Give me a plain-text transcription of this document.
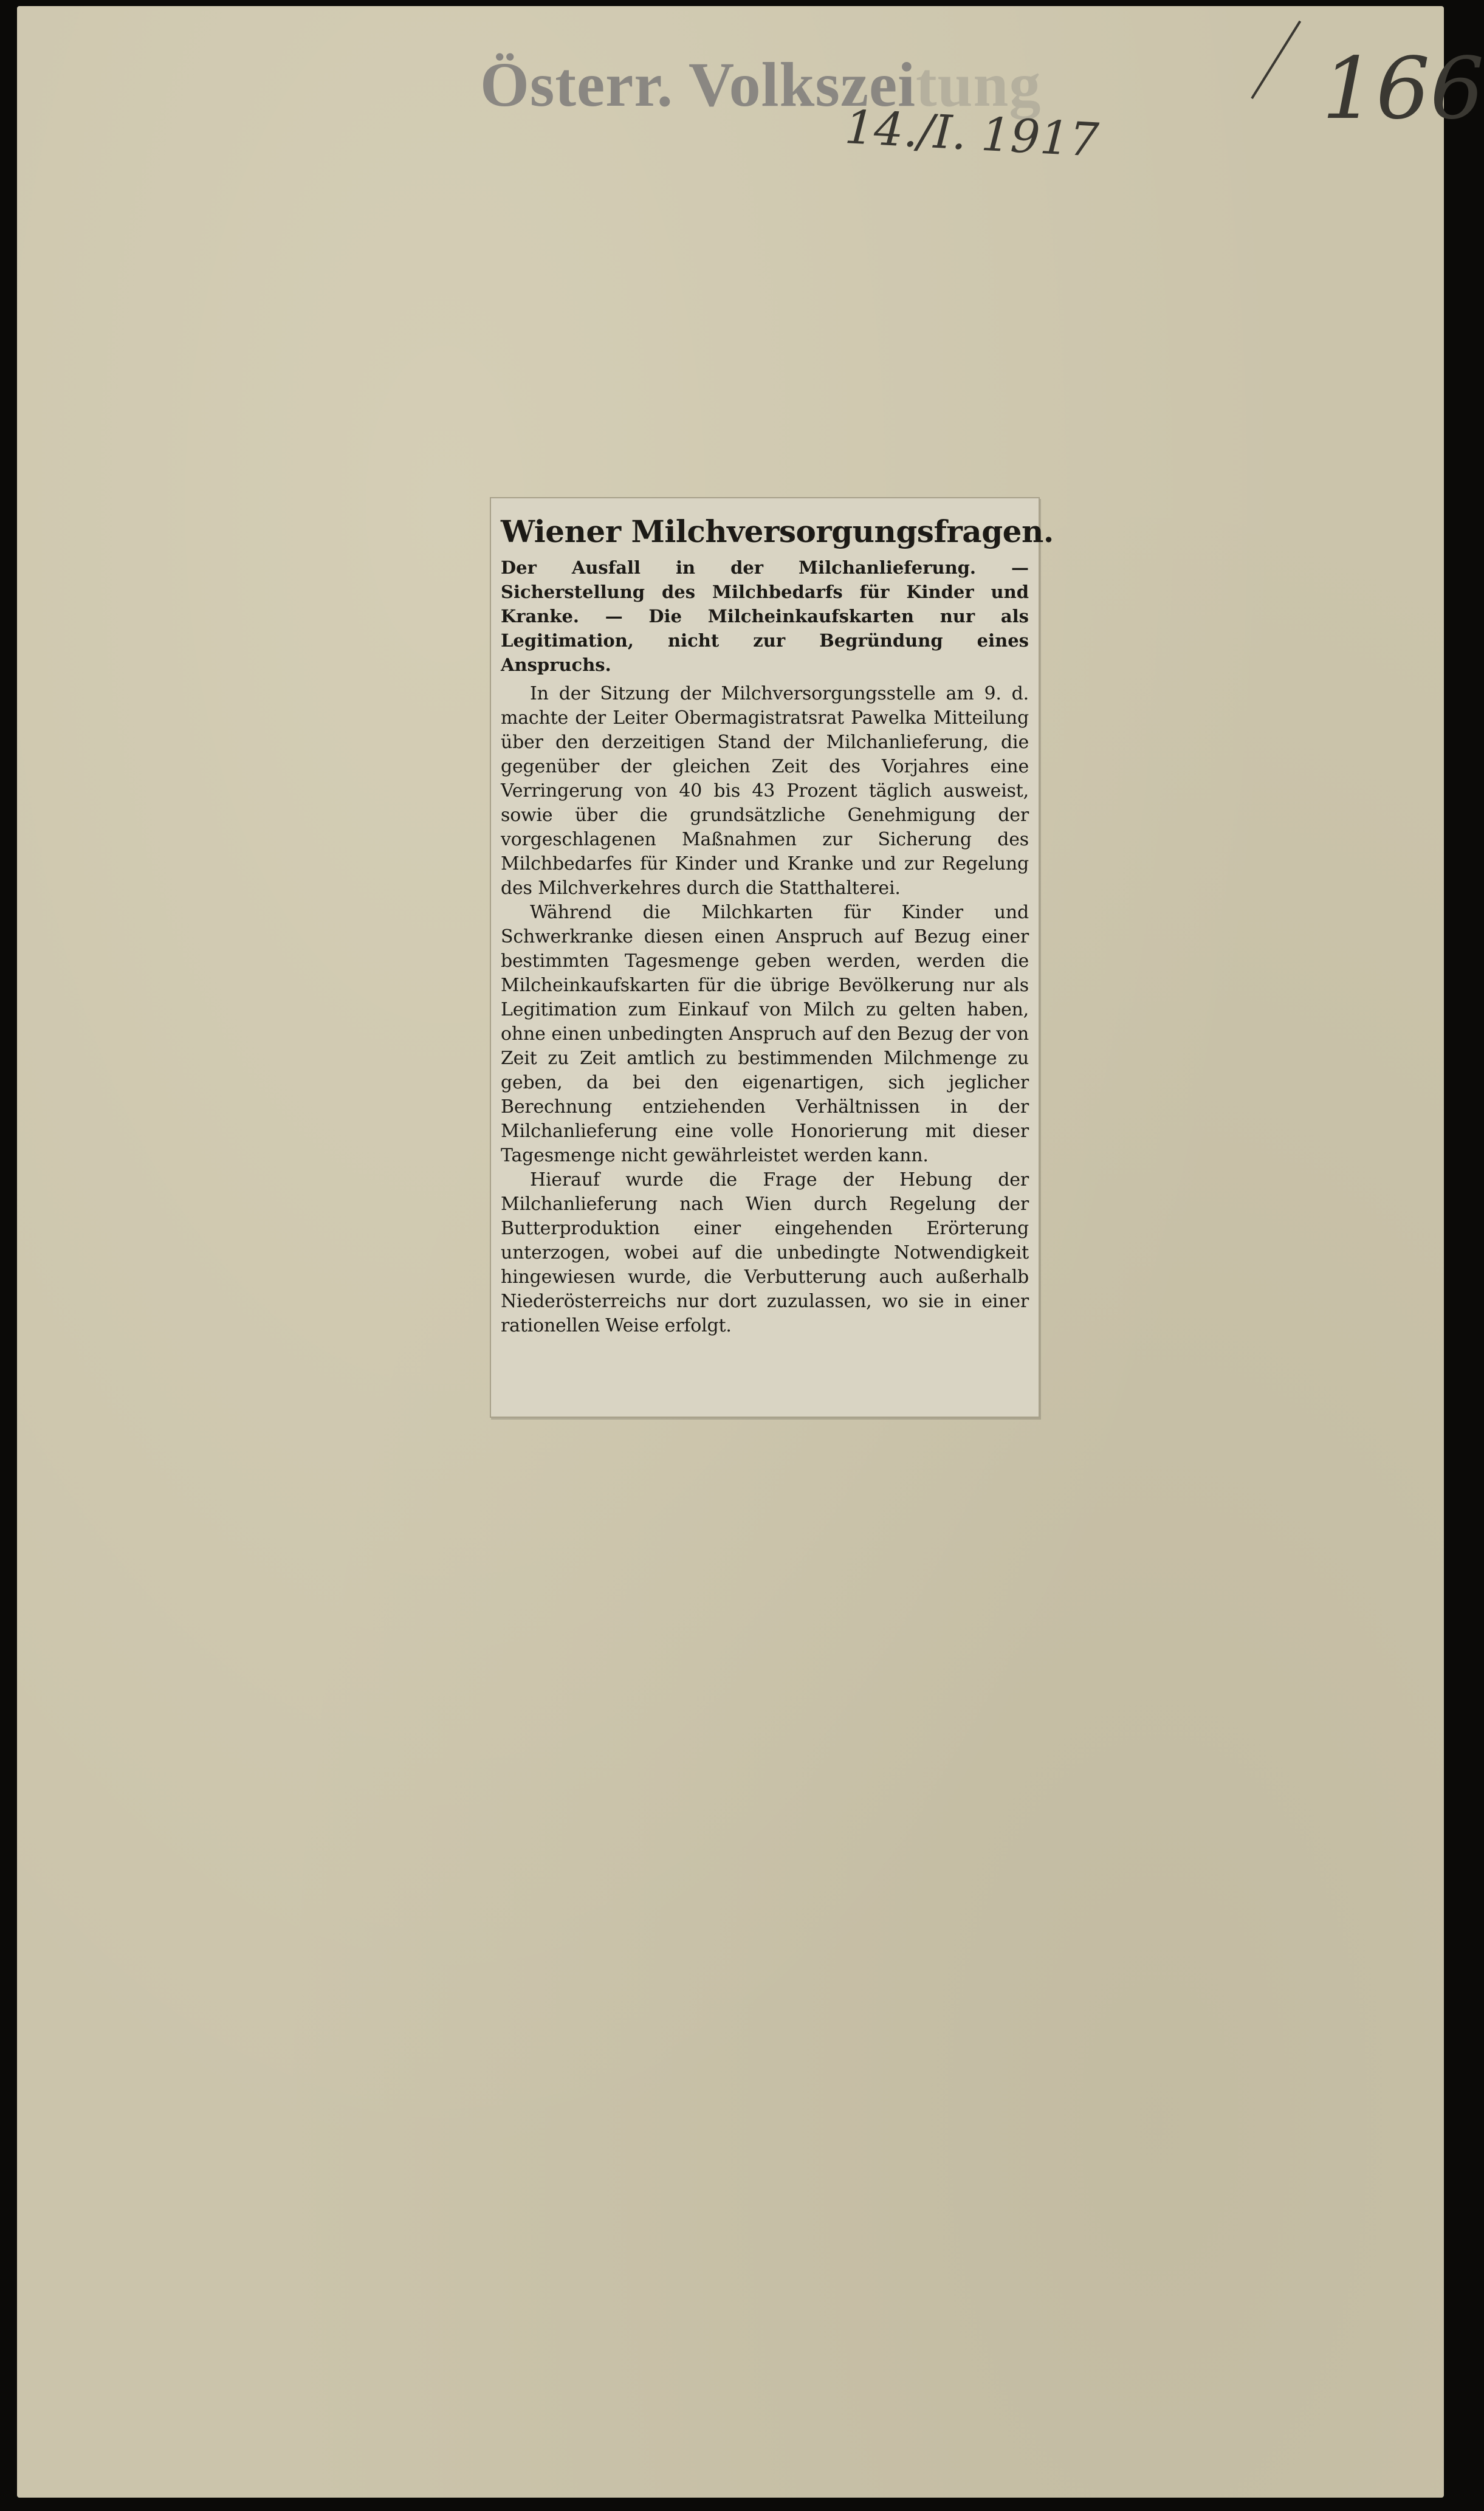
Österr. Volkszeitung
14./I. 1917	166
Wiener Milchversorgungsfragen.
Der Ausfall in der Milchanlieferung. — Sicherstellung des Milchbedarfs für Kinder und Kranke. — Die Milcheinkaufskarten nur als Legitimation, nicht zur Begründung eines Anspruchs.

In der Sitzung der Milchversorgungsstelle am 9. d. machte der Leiter Obermagistratsrat Pawelka Mitteilung über den derzeitigen Stand der Milchanlieferung, die gegenüber der gleichen Zeit des Vorjahres eine Verringerung von 40 bis 43 Prozent täglich ausweist, sowie über die grundsätzliche Genehmigung der vorgeschlagenen Maßnahmen zur Sicherung des Milchbedarfes für Kinder und Kranke und zur Regelung des Milchverkehres durch die Statthalterei.

Während die Milchkarten für Kinder und Schwerkranke diesen einen Anspruch auf Bezug einer bestimmten Tagesmenge geben werden, werden die Milcheinkaufskarten für die übrige Bevölkerung nur als Legitimation zum Einkauf von Milch zu gelten haben, ohne einen unbedingten Anspruch auf den Bezug der von Zeit zu Zeit amtlich zu bestimmenden Milchmenge zu geben, da bei den eigenartigen, sich jeglicher Berechnung entziehenden Verhältnissen in der Milchanlieferung eine volle Honorierung mit dieser Tagesmenge nicht gewährleistet werden kann.

Hierauf wurde die Frage der Hebung der Milchanlieferung nach Wien durch Regelung der Butterproduktion einer eingehenden Erörterung unterzogen, wobei auf die unbedingte Notwendigkeit hingewiesen wurde, die Verbutterung auch außerhalb Niederösterreichs nur dort zuzulassen, wo sie in einer rationellen Weise erfolgt.
